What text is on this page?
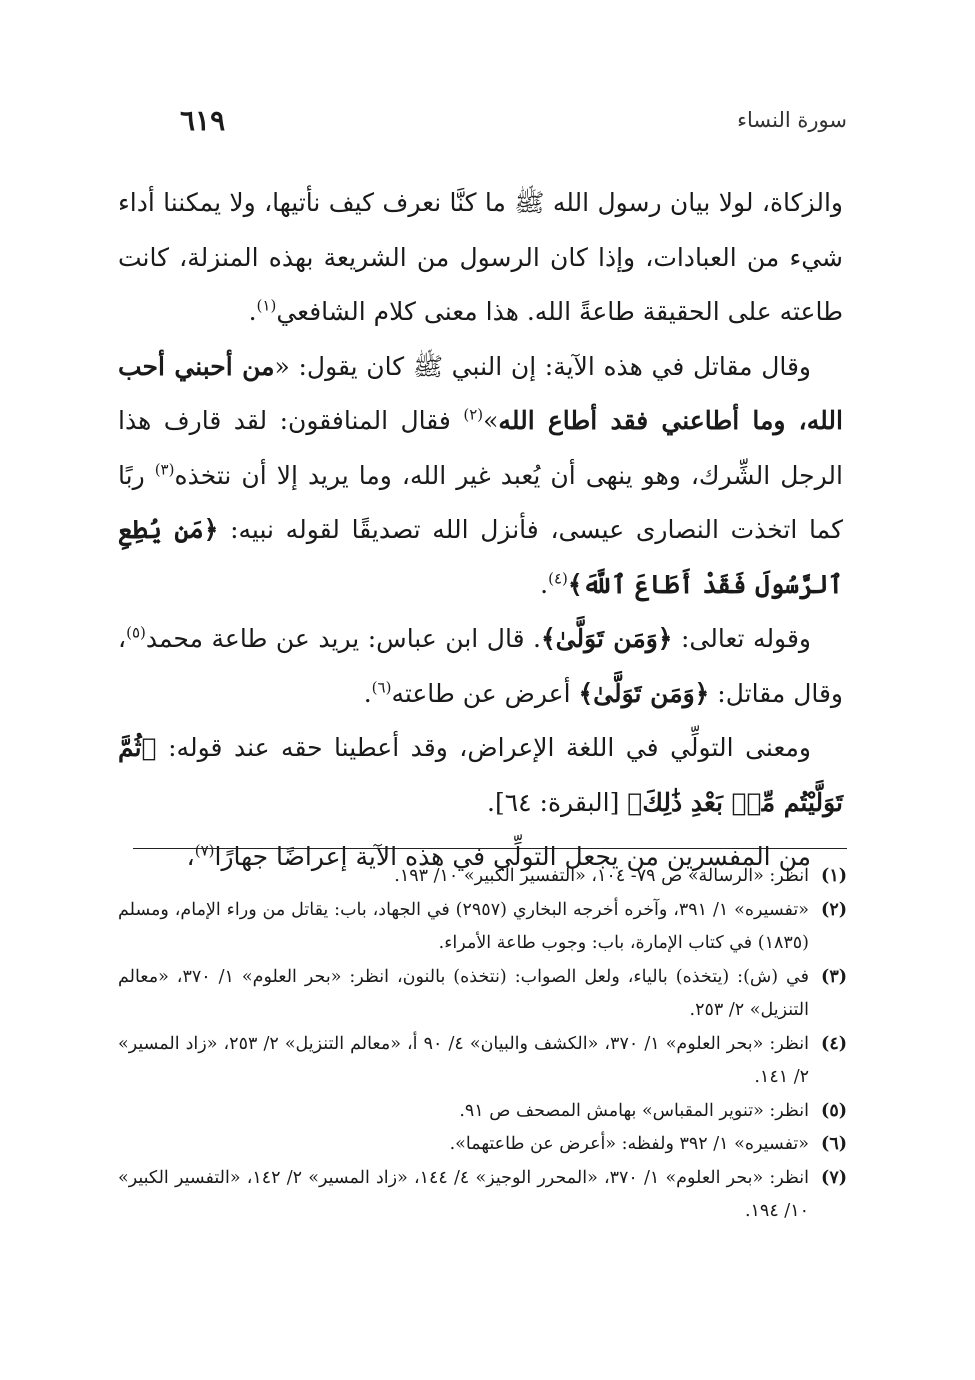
سورة النساء
٦١٩

والزكاة، لولا بيان رسول الله ﷺ ما كنَّا نعرف كيف نأتيها، ولا يمكننا أداء شيء من العبادات، وإذا كان الرسول من الشريعة بهذه المنزلة، كانت طاعته على الحقيقة طاعةً الله. هذا معنى كلام الشافعي$^{(١)}$.

وقال مقاتل في هذه الآية: إن النبي ﷺ كان يقول: «من أحبني أحب الله، وما أطاعني فقد أطاع الله»$^{(٢)}$ فقال المنافقون: لقد قارف هذا الرجل الشِّرك، وهو ينهى أن يُعبد غير الله، وما يريد إلا أن نتخذه$^{(٣)}$ ربًا كما اتخذت النصارى عيسى، فأنزل الله تصديقًا لقوله نبيه: ﴿مَن يُطِعِ ٱلرَّسُولَ فَقَدْ أَطَاعَ ٱللَّهَ﴾$^{(٤)}$.

وقوله تعالى: ﴿وَمَن تَوَلَّىٰ﴾. قال ابن عباس: يريد عن طاعة محمد$^{(٥)}$، وقال مقاتل: ﴿وَمَن تَوَلَّىٰ﴾ أعرض عن طاعته$^{(٦)}$.

ومعنى التولِّي في اللغة الإعراض، وقد أعطينا حقه عند قوله: ﴿ثُمَّ تَوَلَّيْتُم مِّنۢ بَعْدِ ذَٰلِكَ﴾ [البقرة: ٦٤].

من المفسرين من يجعل التولِّي في هذه الآية إعراضًا جهارًا$^{(٧)}$،

(١)
انظر: «الرسالة» ص ٧٩- ١٠٤، «التفسير الكبير» ١٠/ ١٩٣.
(٢)
«تفسيره» ١/ ٣٩١، وآخره أخرجه البخاري (٢٩٥٧) في الجهاد، باب: يقاتل من وراء الإمام، ومسلم (١٨٣٥) في كتاب الإمارة، باب: وجوب طاعة الأمراء.
(٣)
في (ش): (يتخذه) بالياء، ولعل الصواب: (نتخذه) بالنون، انظر: «بحر العلوم» ١/ ٣٧٠، «معالم التنزيل» ٢/ ٢٥٣.
(٤)
انظر: «بحر العلوم» ١/ ٣٧٠، «الكشف والبيان» ٤/ ٩٠ أ، «معالم التنزيل» ٢/ ٢٥٣، «زاد المسير» ٢/ ١٤١.
(٥)
انظر: «تنوير المقباس» بهامش المصحف ص ٩١.
(٦)
«تفسيره» ١/ ٣٩٢ ولفظه: «أعرض عن طاعتهما».
(٧)
انظر: «بحر العلوم» ١/ ٣٧٠، «المحرر الوجيز» ٤/ ١٤٤، «زاد المسير» ٢/ ١٤٢، «التفسير الكبير» ١٠/ ١٩٤.
